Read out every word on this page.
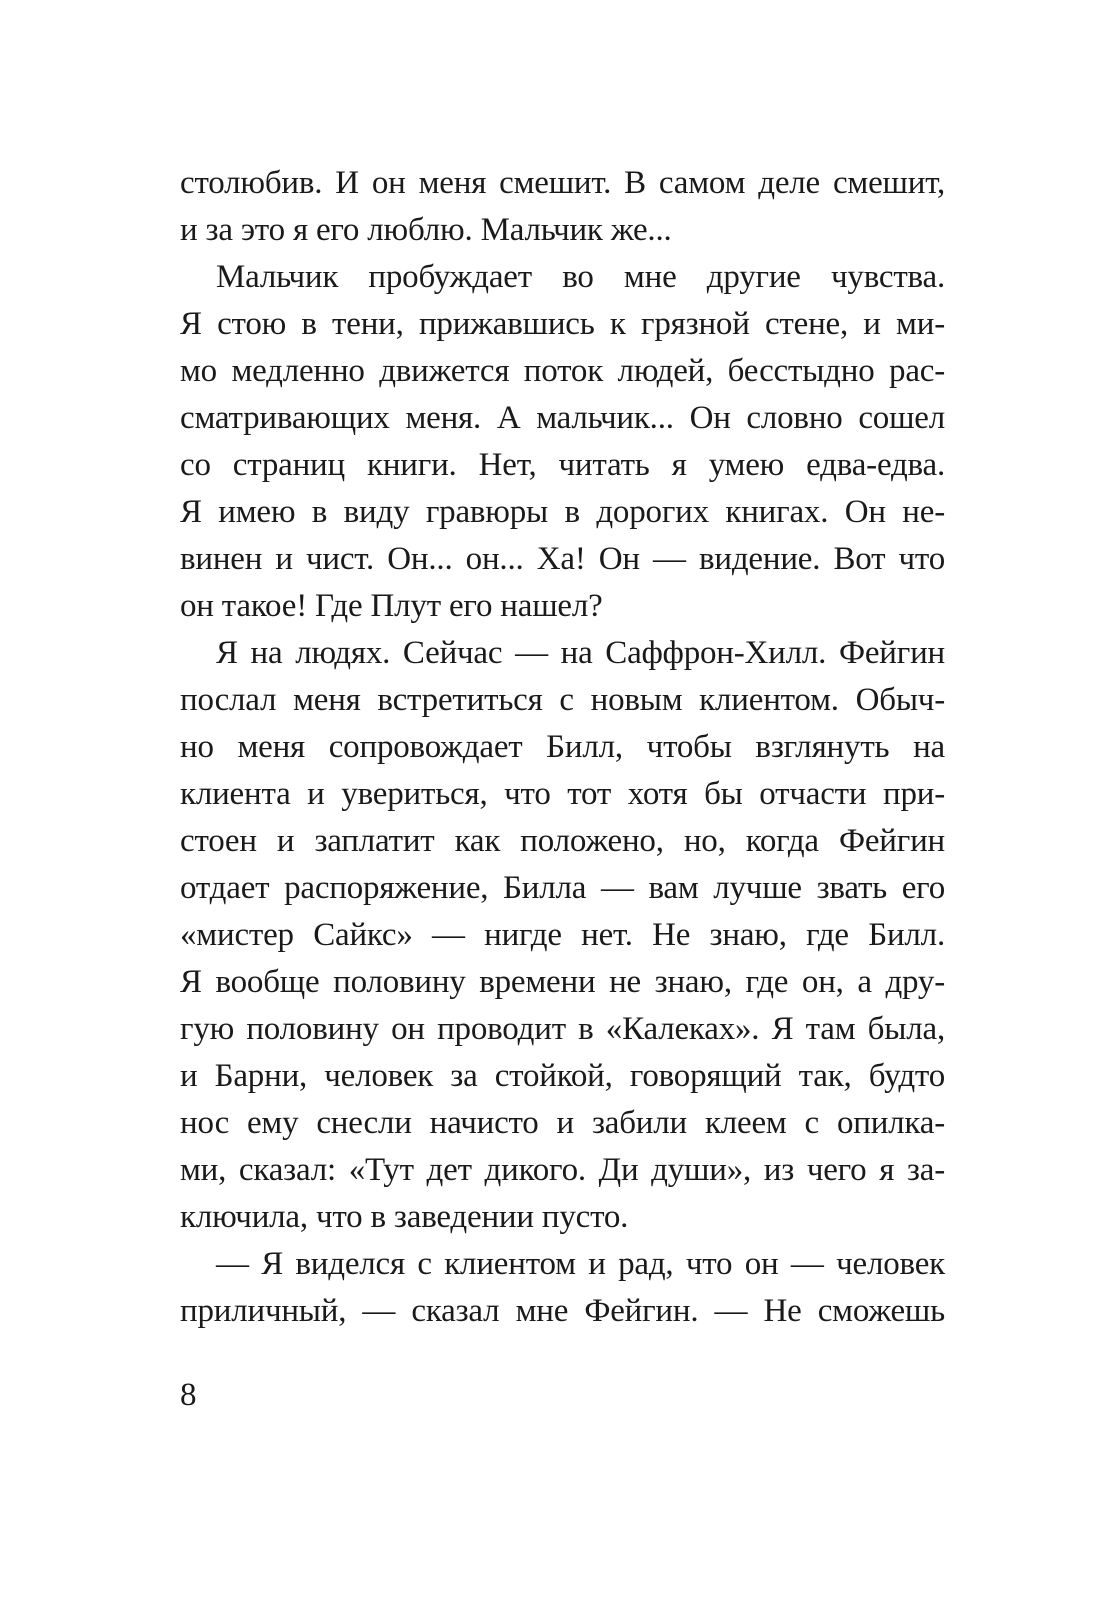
столюбив. И он меня смешит. В самом деле смешит,
и за это я его люблю. Мальчик же...
Мальчик пробуждает во мне другие чувства.
Я стою в тени, прижавшись к грязной стене, и ми-
мо медленно движется поток людей, бесстыдно рас-
сматривающих меня. А мальчик... Он словно сошел
со страниц книги. Нет, читать я умею едва-едва.
Я имею в виду гравюры в дорогих книгах. Он не-
винен и чист. Он... он... Ха! Он — видение. Вот что
он такое! Где Плут его нашел?
Я на людях. Сейчас — на Саффрон-Хилл. Фейгин
послал меня встретиться с новым клиентом. Обыч-
но меня сопровождает Билл, чтобы взглянуть на
клиента и увериться, что тот хотя бы отчасти при-
стоен и заплатит как положено, но, когда Фейгин
отдает распоряжение, Билла — вам лучше звать его
«мистер Сайкс» — нигде нет. Не знаю, где Билл.
Я вообще половину времени не знаю, где он, а дру-
гую половину он проводит в «Калеках». Я там была,
и Барни, человек за стойкой, говорящий так, будто
нос ему снесли начисто и забили клеем с опилка-
ми, сказал: «Тут дет дикого. Ди души», из чего я за-
ключила, что в заведении пусто.
— Я виделся с клиентом и рад, что он — человек
приличный, — сказал мне Фейгин. — Не сможешь
8
